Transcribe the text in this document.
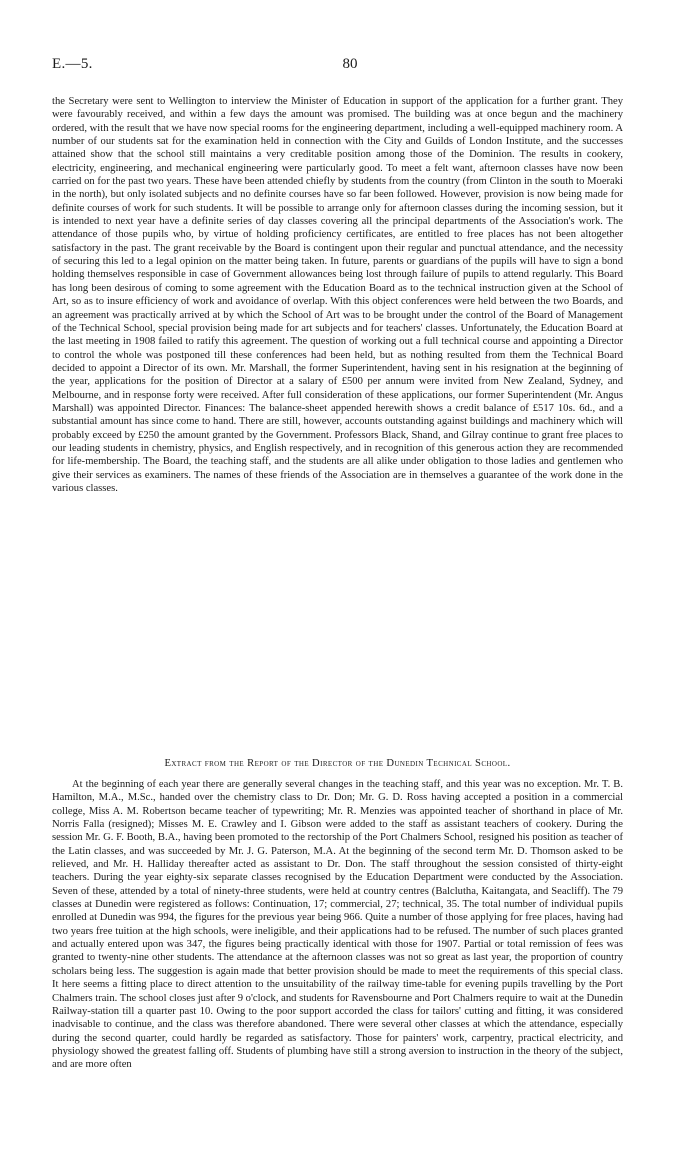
E.—5.	80

the Secretary were sent to Wellington to interview the Minister of Education in support of the application for a further grant. They were favourably received, and within a few days the amount was promised. The building was at once begun and the machinery ordered, with the result that we have now special rooms for the engineering department, including a well-equipped machinery room. A number of our students sat for the examination held in connection with the City and Guilds of London Institute, and the successes attained show that the school still maintains a very creditable position among those of the Dominion. The results in cookery, electricity, engineering, and mechanical engineering were particularly good. To meet a felt want, afternoon classes have now been carried on for the past two years. These have been attended chiefly by students from the country (from Clinton in the south to Moeraki in the north), but only isolated subjects and no definite courses have so far been followed. However, provision is now being made for definite courses of work for such students. It will be possible to arrange only for afternoon classes during the incoming session, but it is intended to next year have a definite series of day classes covering all the principal departments of the Association's work. The attendance of those pupils who, by virtue of holding proficiency certificates, are entitled to free places has not been altogether satisfactory in the past. The grant receivable by the Board is contingent upon their regular and punctual attendance, and the necessity of securing this led to a legal opinion on the matter being taken. In future, parents or guardians of the pupils will have to sign a bond holding themselves responsible in case of Government allowances being lost through failure of pupils to attend regularly. This Board has long been desirous of coming to some agreement with the Education Board as to the technical instruction given at the School of Art, so as to insure efficiency of work and avoidance of overlap. With this object conferences were held between the two Boards, and an agreement was practically arrived at by which the School of Art was to be brought under the control of the Board of Management of the Technical School, special provision being made for art subjects and for teachers' classes. Unfortunately, the Education Board at the last meeting in 1908 failed to ratify this agreement. The question of working out a full technical course and appointing a Director to control the whole was postponed till these conferences had been held, but as nothing resulted from them the Technical Board decided to appoint a Director of its own. Mr. Marshall, the former Superintendent, having sent in his resignation at the beginning of the year, applications for the position of Director at a salary of £500 per annum were invited from New Zealand, Sydney, and Melbourne, and in response forty were received. After full consideration of these applications, our former Superintendent (Mr. Angus Marshall) was appointed Director. Finances: The balance-sheet appended herewith shows a credit balance of £517 10s. 6d., and a substantial amount has since come to hand. There are still, however, accounts outstanding against buildings and machinery which will probably exceed by £250 the amount granted by the Government. Professors Black, Shand, and Gilray continue to grant free places to our leading students in chemistry, physics, and English respectively, and in recognition of this generous action they are recommended for life-membership. The Board, the teaching staff, and the students are all alike under obligation to those ladies and gentlemen who give their services as examiners. The names of these friends of the Association are in themselves a guarantee of the work done in the various classes.

Extract from the Report of the Director of the Dunedin Technical School.

At the beginning of each year there are generally several changes in the teaching staff, and this year was no exception. Mr. T. B. Hamilton, M.A., M.Sc., handed over the chemistry class to Dr. Don; Mr. G. D. Ross having accepted a position in a commercial college, Miss A. M. Robertson became teacher of typewriting; Mr. R. Menzies was appointed teacher of shorthand in place of Mr. Norris Falla (resigned); Misses M. E. Crawley and I. Gibson were added to the staff as assistant teachers of cookery. During the session Mr. G. F. Booth, B.A., having been promoted to the rectorship of the Port Chalmers School, resigned his position as teacher of the Latin classes, and was succeeded by Mr. J. G. Paterson, M.A. At the beginning of the second term Mr. D. Thomson asked to be relieved, and Mr. H. Halliday thereafter acted as assistant to Dr. Don. The staff throughout the session consisted of thirty-eight teachers. During the year eighty-six separate classes recognised by the Education Department were conducted by the Association. Seven of these, attended by a total of ninety-three students, were held at country centres (Balclutha, Kaitangata, and Seacliff). The 79 classes at Dunedin were registered as follows: Continuation, 17; commercial, 27; technical, 35. The total number of individual pupils enrolled at Dunedin was 994, the figures for the previous year being 966. Quite a number of those applying for free places, having had two years free tuition at the high schools, were ineligible, and their applications had to be refused. The number of such places granted and actually entered upon was 347, the figures being practically identical with those for 1907. Partial or total remission of fees was granted to twenty-nine other students. The attendance at the afternoon classes was not so great as last year, the proportion of country scholars being less. The suggestion is again made that better provision should be made to meet the requirements of this special class. It here seems a fitting place to direct attention to the unsuitability of the railway time-table for evening pupils travelling by the Port Chalmers train. The school closes just after 9 o'clock, and students for Ravensbourne and Port Chalmers require to wait at the Dunedin Railway-station till a quarter past 10. Owing to the poor support accorded the class for tailors' cutting and fitting, it was considered inadvisable to continue, and the class was therefore abandoned. There were several other classes at which the attendance, especially during the second quarter, could hardly be regarded as satisfactory. Those for painters' work, carpentry, practical electricity, and physiology showed the greatest falling off. Students of plumbing have still a strong aversion to instruction in the theory of the subject, and are more often
